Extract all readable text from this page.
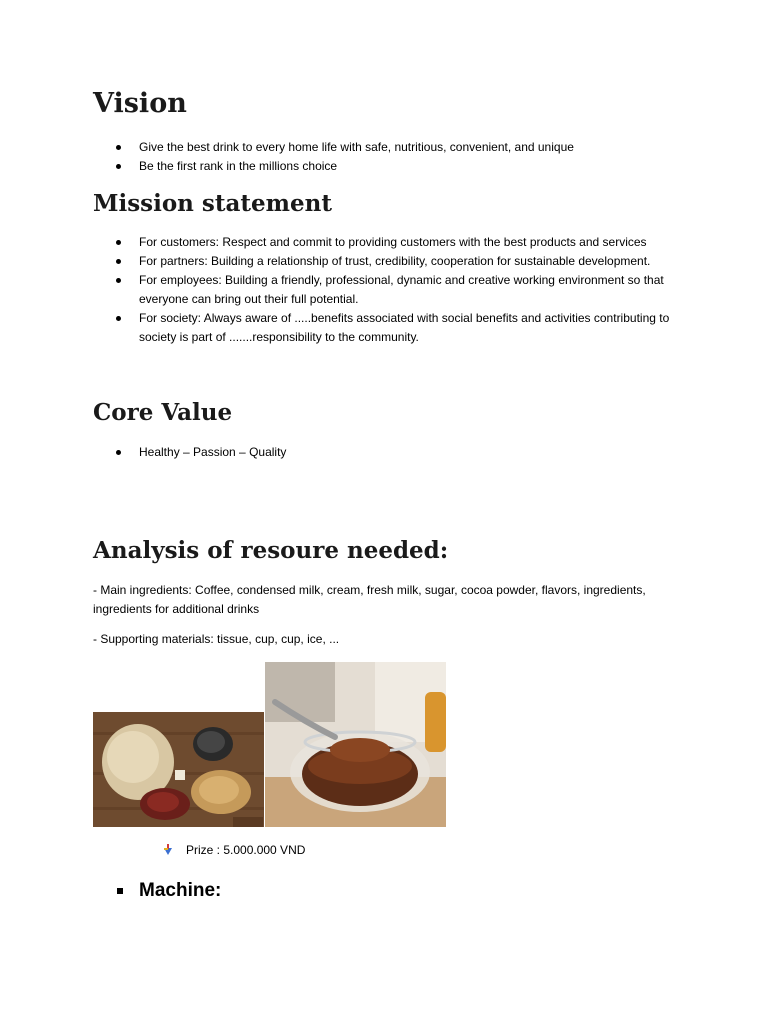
Vision
Give the best drink to every home life with safe, nutritious, convenient, and unique
Be the first rank in the millions choice
Mission statement
For customers: Respect and commit to providing customers with the best products and services
For partners: Building a relationship of trust, credibility, cooperation for sustainable development.
For employees: Building a friendly, professional, dynamic and creative working environment so that everyone can bring out their full potential.
For society: Always aware of .....benefits associated with social benefits and activities contributing to society is part of .......responsibility to the community.
Core Value
Healthy – Passion – Quality
Analysis of resoure needed:

- Main ingredients: Coffee, condensed milk, cream, fresh milk, sugar, cocoa powder, flavors, ingredients, ingredients for additional drinks

- Supporting materials: tissue, cup, cup, ice, ...

Prize : 5.000.000 VND
Machine:
